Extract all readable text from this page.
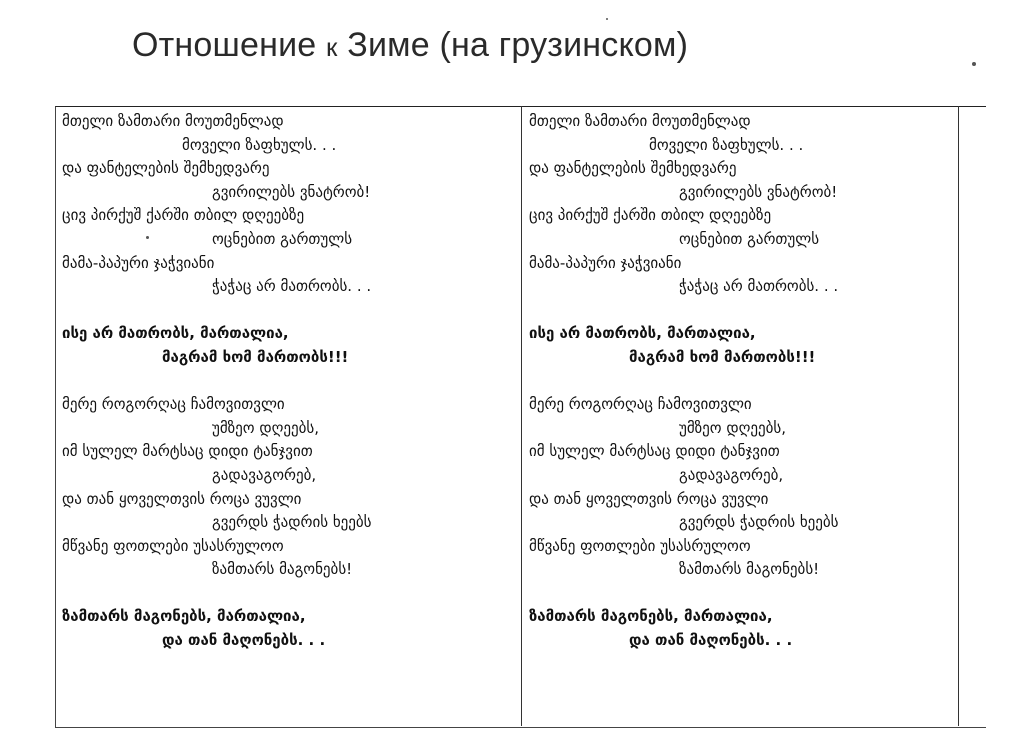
Отношение к Зиме (на грузинском)
მთელი ზამთარი მოუთმენლად
მოველი ზაფხულს. . .
და ფანტელების შემხედვარე
გვირილებს ვნატრობ!
ცივ პირქუშ ქარში თბილ დღეებზე
ოცნებით გართულს
მამა-პაპური ჯაჭვიანი
ჭაჭაც არ მათრობს. . .
ისე არ მათრობს, მართალია,
მაგრამ ხომ მართობს!!!
მერე როგორღაც ჩამოვითვლი
უმზეო დღეებს,
იმ სულელ მარტსაც დიდი ტანჯვით
გადავაგორებ,
და თან ყოველთვის როცა ვუვლი
გვერდს ჭადრის ხეებს
მწვანე ფოთლები უსასრულოო
ზამთარს მაგონებს!
ზამთარს მაგონებს, მართალია,
და თან მაღონებს. . .
მთელი ზამთარი მოუთმენლად
მოველი ზაფხულს. . .
და ფანტელების შემხედვარე
გვირილებს ვნატრობ!
ცივ პირქუშ ქარში თბილ დღეებზე
ოცნებით გართულს
მამა-პაპური ჯაჭვიანი
ჭაჭაც არ მათრობს. . .
ისე არ მათრობს, მართალია,
მაგრამ ხომ მართობს!!!
მერე როგორღაც ჩამოვითვლი
უმზეო დღეებს,
იმ სულელ მარტსაც დიდი ტანჯვით
გადავაგორებ,
და თან ყოველთვის როცა ვუვლი
გვერდს ჭადრის ხეებს
მწვანე ფოთლები უსასრულოო
ზამთარს მაგონებს!
ზამთარს მაგონებს, მართალია,
და თან მაღონებს. . .
